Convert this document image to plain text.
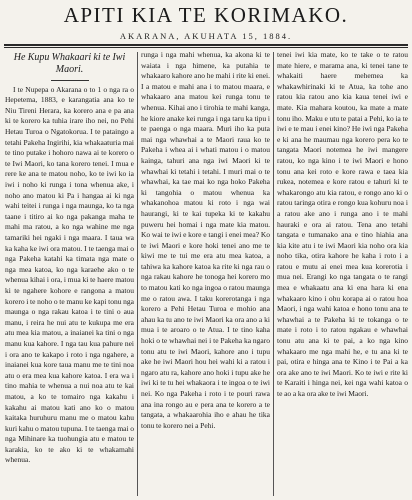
APITI KIA TE KORIMAKO.
AKARANA, AKUHATA 15, 1884.
He Kupu Whakaari ki te Iwi Maori.

I te Nupepa o Akarana o to 1 o nga ra o Hepetema, 1883, e karangatia ana ko te Niu Tireni Herara, ka korero ana e pa ana ki te korero ka tuhia irare iho nei, no Pehi Hetau Turoa o Ngatokorua. I te pataingo a tetahi Pakeha Ingirihi, kia whakaaturia mai te tino putake i hohoro nawa ai te korero o te Iwi Maori, ko tana korero tenei. I mua e rere ke ana te matou noho, ko te iwi ko ia iwi i noho ki runga i tona whenua ake, i noho ano matou ki Pa i hangaa ai ki nga wahi teitei i runga i nga maunga, ko ta nga taane i titiro ai ko nga pakanga maha te mahi ma ratou, a ko nga wahine me nga tamariki hei ngaki i nga maara. I taua wa ka kaha ke iwi ora matou. I te taenga mai o nga Pakeha katahi ka timata nga mate o nga mea katoa, ko nga karaehe ako o te whenua kihai i ora, i mua ki te haere matou ki te ngahere kohore e rangona a matou korero i te noho o te manu ke kapi tonu nga maunga o nga rakau katoa i te tini o aua manu, i reira he nui atu te kukupa me era atu mea kia matou, a inaianei ka tini o nga manu kua kahore. I nga tau kua pahure nei i ora ano te kakapo i roto i nga ngahere, a inaianei kua kore taua manu me te tini noa atu o era mea kua kahore katoa. I era wa i tino mahia te whenua a nui noa atu te kai matou, a ko te tomairo nga kakahu i kakahu ai matou kati ano ko o matou kaitaka huruhuru manu me o matou kahu kuri kahu o matou tupuna. I te taenga mai o nga Mihinare ka tuohungia atu e matou te karakia, ko te ako ki te whakamahi whenua.

runga i nga mahi whenua, ka akona ki te waiata i nga himene, ka putahia te whakaaro kahore ano he mahi i rite ki enei. I a matou e mahi ana i to matou maara, e whakaaro ana matou kei runga tonu te whenua. Kihai ano i tirohia te mahi kanga, he kiore anake kei runga i nga taru ka tipu i te paenga o nga maara. Muri iho ka puta mai nga whawhai a te Maori raua ko te Pakeha i whea ai i whati matou i o matou kainga, tahuri ana nga iwi Maori ki te whawhai ki tetahi i tetahi. I muri mai o te whawhai, ka tae mai ko nga hoko Pakeha ki tangohia o matou whenua ka whakanohoa matou ki roto i nga wai haurangi, ki te kai tupeka ki te kakahu puweru hei homai i nga mate kia matou. Ko wai te iwi e kore e tangi i enei mea? Ko te iwi Maori e kore hoki tenei ano me te kiwi me te tui me era atu mea katoa, a tahiwa ka kahore katoa ka rite ki nga rau o nga rakau kahore he tonoga hei korero mo to matou kati ko nga ingoa o ratou maunga me o ratou awa. I taku korerotanga i nga korero a Pehi Hetau Turoa e mohio ana ahau ka tu ano te iwi Maori ka ora ano a ki mua i te aroaro o te Atua. I te tino kaha hoki o te whawhai nei i te Pakeha ka ngaro tonu atu te iwi Maori, kahore ano i tupu ake he iwi Maori hou hei wahi ki a ratou i ngaro atu ra, kahore ano hoki i tupu ake he iwi ki te tu hei whakaora i te ingoa o te iwi nei. Ko nga Pakeha i roto i te pouri rawa ana ina rongo au e pera ana te korero a te tangata, a whakaarohia iho e ahau he tika tonu te korero nei a Pehi.

tenei iwi kia mate, ko te take o te ratou mate hiere, e marama ana, ki tenei tane te whakaiti haere mehemea ka whakawhirinaki ki te Atua, ka tohe ano ratou kia ratou ano kia kaua tenei iwi e mate. Kia mahara koutou, ka mate a mate tonu iho. Maku e utu te patai a Pehi, ko ia te iwi e te mau i enei kino? He iwi nga Pakeha e ki ana he maumau nga korero pera ko te tangata Maori notemea he iwi mangere ratou, ko nga kino i te iwi Maori e hono tonu ana kei roto e kore rawa e taea kia rukea, notemea e kore ratou e tahuri ki te whakarongo atu kia ratou, e rongo ano ki o ratou taringa otira e rongo kua kohuru noa i a ratou ake ano i runga ano i te mahi hauraki e ora ai ratou. Tena ano tetahi tangata e tumanako ana e tino hiahia ana kia kite atu i te iwi Maori kia noho ora kia noho tika, otira kahore he kaha i roto i a ratou e mutu ai enei mea kua korerotia i mua nei. Erangi ko nga tangata o te rangi mea e whakaatu ana ki ena hara ki ena whakaaro kino i ohu korapa ai o ratou hoa Maori, i nga wahi katoa e hono tonu ana te whawhai a te Pakeha ki te tokanga o te mate i roto i to ratou ngakau e whawhai tonu atu ana ki te pai, a ko nga kino whakaaro me nga mahi he, e tu ana ki te pai, otira e hinga ana te Kino i te Pai a ka ora ake ano te iwi Maori. Ko te iwi e rite ki te Karaiti i hinga nei, kei nga wahi katoa o te ao a ka ora ake te iwi Maori.
